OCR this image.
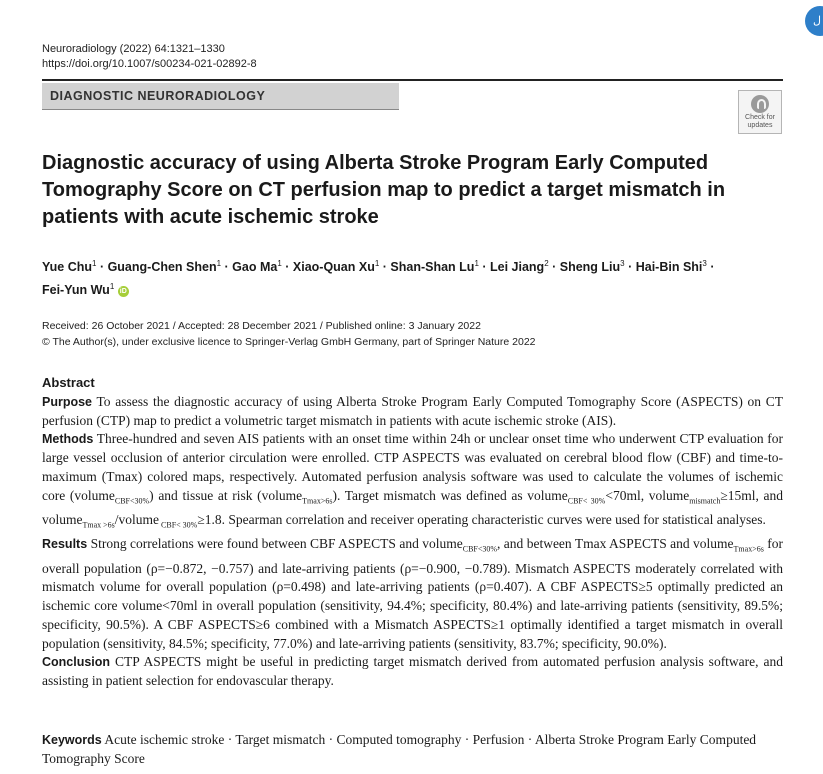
Neuroradiology (2022) 64:1321–1330
https://doi.org/10.1007/s00234-021-02892-8
ل
DIAGNOSTIC NEURORADIOLOGY
Check for
updates
Diagnostic accuracy of using Alberta Stroke Program Early Computed Tomography Score on CT perfusion map to predict a target mismatch in patients with acute ischemic stroke

Yue Chu$^1$ · Guang-Chen Shen$^1$ · Gao $Ma^1$ · Xiao-Quan $Xu^1$ · Shan-Shan $Lu^1$ · Lei Jiang$^2$ · Sheng Liu$^3$ · Hai-Bin Shi$^3$ ·
Fei-Yun Wu$^1$ iD

Received: 26 October 2021 / Accepted: 28 December 2021 / Published online: 3 January 2022
© The Author(s), under exclusive licence to Springer-Verlag GmbH Germany, part of Springer Nature 2022
Abstract

Purpose To assess the diagnostic accuracy of using Alberta Stroke Program Early Computed Tomography Score (ASPECTS) on CT perfusion (CTP) map to predict a volumetric target mismatch in patients with acute ischemic stroke (AIS).

Methods Three-hundred and seven AIS patients with an onset time within 24h or unclear onset time who underwent CTP evaluation for large vessel occlusion of anterior circulation were enrolled. CTP ASPECTS was evaluated on cerebral blood flow (CBF) and time-to-maximum (Tmax) colored maps, respectively. Automated perfusion analysis software was used to calculate the volumes of ischemic core (volume$_{CBF<30\%}$) and tissue at risk (volume$_{Tmax>6s}$). Target mismatch was defined as volume$_{CBF< 30\%}$<70ml, volume$_{mismatch}$≥15ml, and volume$_{Tmax >6s}$/volume $_{CBF< 30\%}$≥1.8. Spearman correlation and receiver operating characteristic curves were used for statistical analyses.

Results Strong correlations were found between CBF ASPECTS and volume$_{CBF<30\%}$, and between Tmax ASPECTS and volume$_{Tmax>6s}$ for overall population (ρ=−0.872, −0.757) and late-arriving patients (ρ=−0.900, −0.789). Mismatch ASPECTS moderately correlated with mismatch volume for overall population (ρ=0.498) and late-arriving patients (ρ=0.407). A CBF ASPECTS≥5 optimally predicted an ischemic core volume<70ml in overall population (sensitivity, 94.4%; specificity, 80.4%) and late-arriving patients (sensitivity, 89.5%; specificity, 90.5%). A CBF ASPECTS≥6 combined with a Mismatch ASPECTS≥1 optimally identified a target mismatch in overall population (sensitivity, 84.5%; specificity, 77.0%) and late-arriving patients (sensitivity, 83.7%; specificity, 90.0%).

Conclusion CTP ASPECTS might be useful in predicting target mismatch derived from automated perfusion analysis software, and assisting in patient selection for endovascular therapy.

Keywords Acute ischemic stroke · Target mismatch · Computed tomography · Perfusion · Alberta Stroke Program Early Computed Tomography Score
